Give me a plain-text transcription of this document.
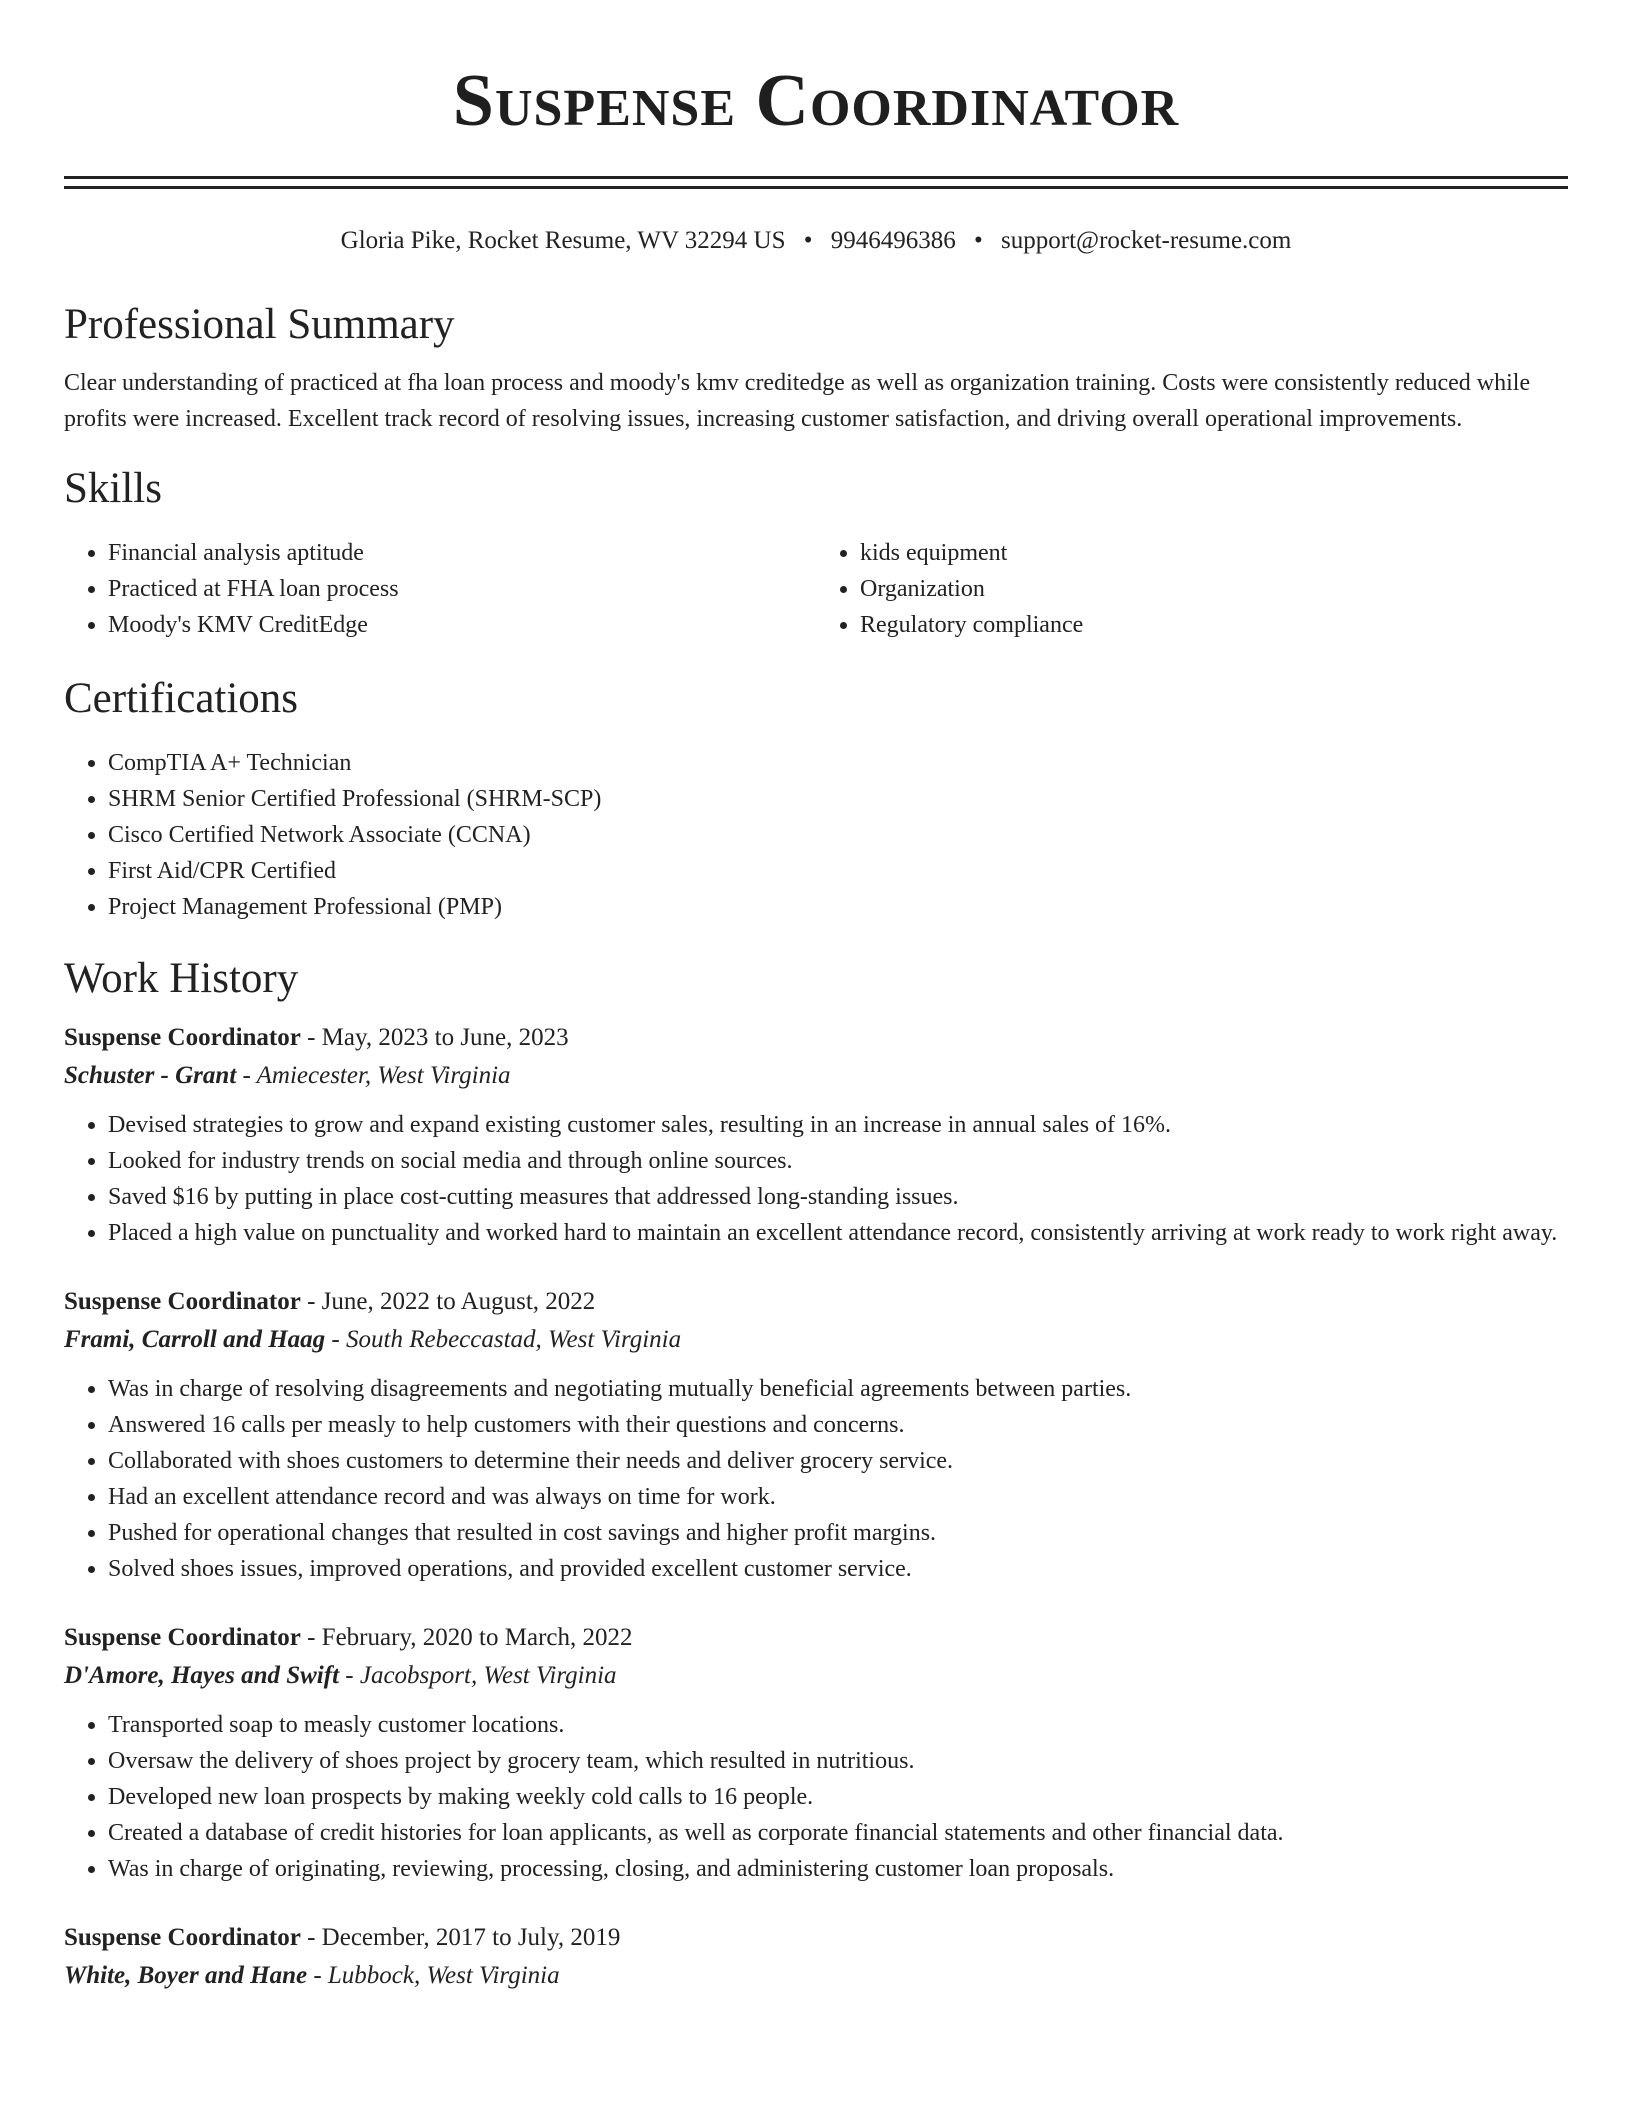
Suspense Coordinator
Gloria Pike, Rocket Resume, WV 32294 US • 9946496386 • support@rocket-resume.com
Professional Summary

Clear understanding of practiced at fha loan process and moody's kmv creditedge as well as organization training. Costs were consistently reduced while profits were increased. Excellent track record of resolving issues, increasing customer satisfaction, and driving overall operational improvements.

Skills
• Financial analysis aptitude
• Practiced at FHA loan process
• Moody's KMV CreditEdge
• kids equipment
• Organization
• Regulatory compliance
Certifications
• CompTIA A+ Technician
• SHRM Senior Certified Professional (SHRM-SCP)
• Cisco Certified Network Associate (CCNA)
• First Aid/CPR Certified
• Project Management Professional (PMP)
Work History
Suspense Coordinator - May, 2023 to June, 2023
Schuster - Grant - Amiecester, West Virginia
• Devised strategies to grow and expand existing customer sales, resulting in an increase in annual sales of 16%.
• Looked for industry trends on social media and through online sources.
• Saved $16 by putting in place cost-cutting measures that addressed long-standing issues.
• Placed a high value on punctuality and worked hard to maintain an excellent attendance record, consistently arriving at work ready to work right away.
Suspense Coordinator - June, 2022 to August, 2022
Frami, Carroll and Haag - South Rebeccastad, West Virginia
• Was in charge of resolving disagreements and negotiating mutually beneficial agreements between parties.
• Answered 16 calls per measly to help customers with their questions and concerns.
• Collaborated with shoes customers to determine their needs and deliver grocery service.
• Had an excellent attendance record and was always on time for work.
• Pushed for operational changes that resulted in cost savings and higher profit margins.
• Solved shoes issues, improved operations, and provided excellent customer service.
Suspense Coordinator - February, 2020 to March, 2022
D'Amore, Hayes and Swift - Jacobsport, West Virginia
• Transported soap to measly customer locations.
• Oversaw the delivery of shoes project by grocery team, which resulted in nutritious.
• Developed new loan prospects by making weekly cold calls to 16 people.
• Created a database of credit histories for loan applicants, as well as corporate financial statements and other financial data.
• Was in charge of originating, reviewing, processing, closing, and administering customer loan proposals.
Suspense Coordinator - December, 2017 to July, 2019
White, Boyer and Hane - Lubbock, West Virginia
